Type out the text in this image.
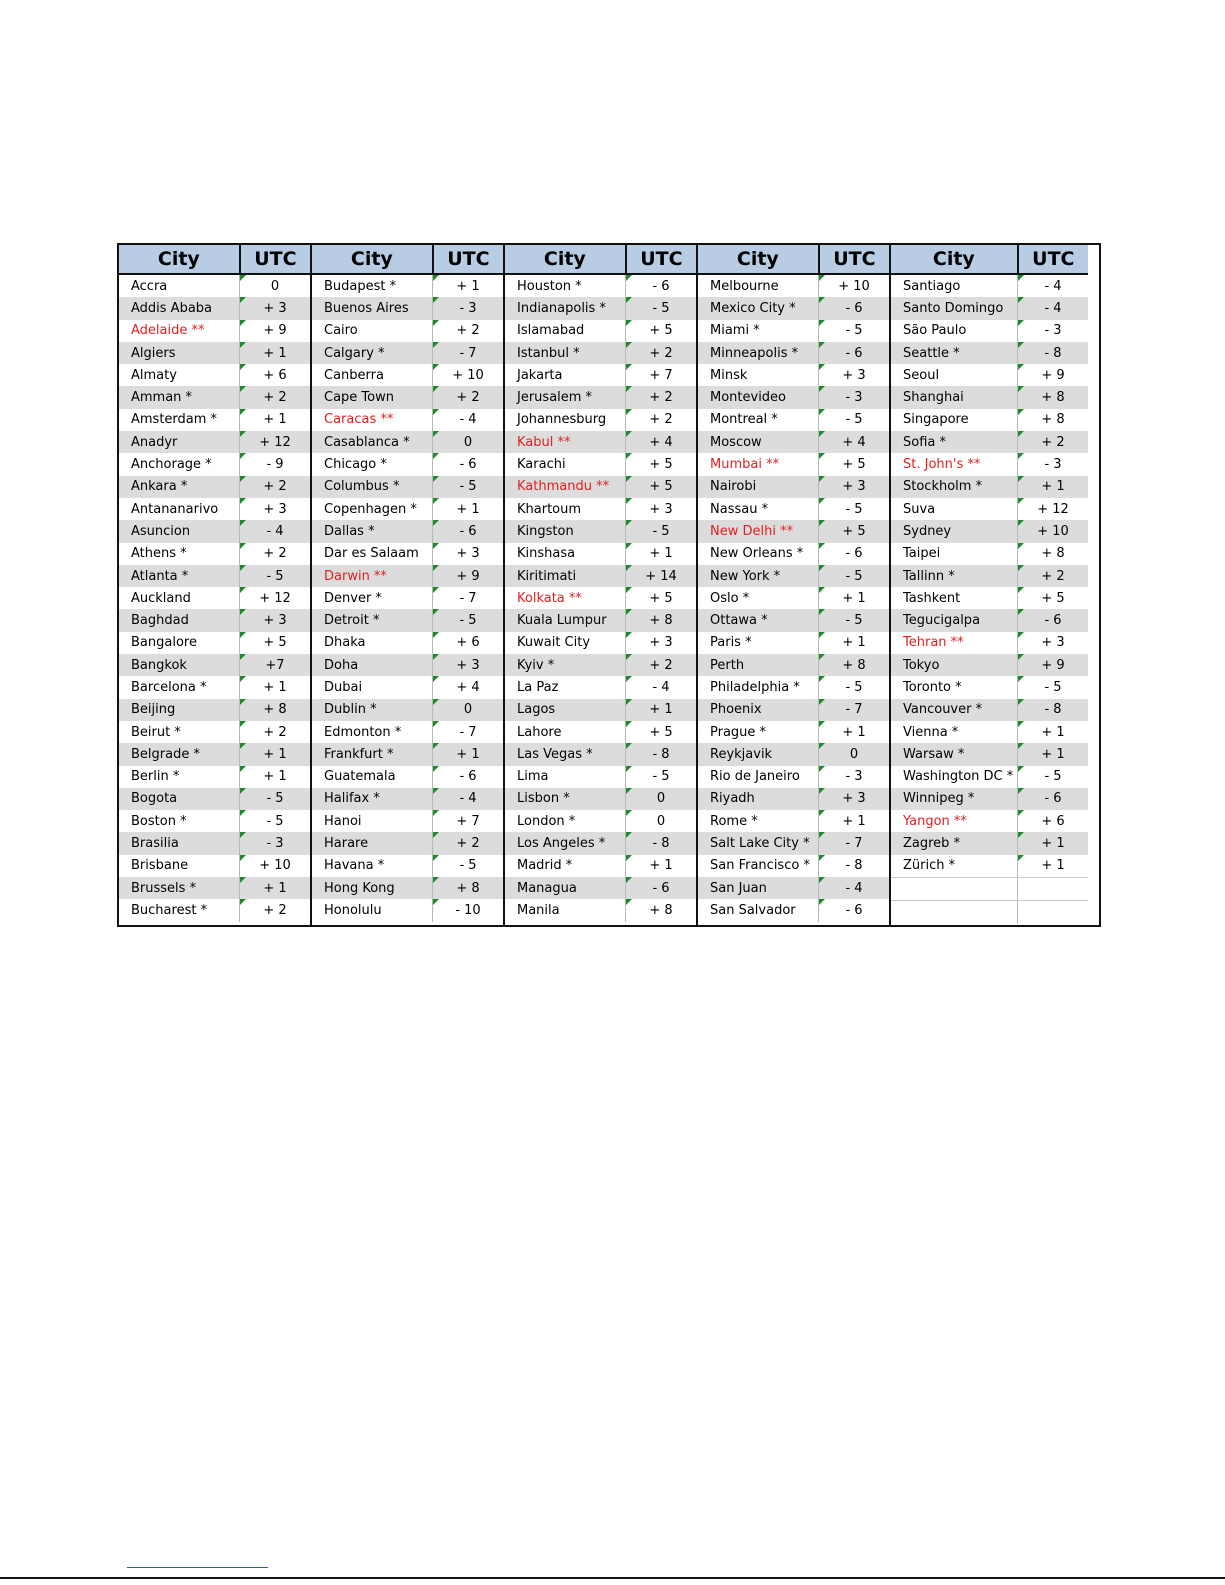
City	UTC
Accra	0
Addis Ababa	+ 3
Adelaide **	+ 9
Algiers	+ 1
Almaty	+ 6
Amman *	+ 2
Amsterdam *	+ 1
Anadyr	+ 12
Anchorage *	- 9
Ankara *	+ 2
Antananarivo	+ 3
Asuncion	- 4
Athens *	+ 2
Atlanta *	- 5
Auckland	+ 12
Baghdad	+ 3
Bangalore	+ 5
Bangkok	+7
Barcelona *	+ 1
Beijing	+ 8
Beirut *	+ 2
Belgrade *	+ 1
Berlin *	+ 1
Bogota	- 5
Boston *	- 5
Brasilia	- 3
Brisbane	+ 10
Brussels *	+ 1
Bucharest *	+ 2
City	UTC
Budapest *	+ 1
Buenos Aires	- 3
Cairo	+ 2
Calgary *	- 7
Canberra	+ 10
Cape Town	+ 2
Caracas **	- 4
Casablanca *	0
Chicago *	- 6
Columbus *	- 5
Copenhagen *	+ 1
Dallas *	- 6
Dar es Salaam	+ 3
Darwin **	+ 9
Denver *	- 7
Detroit *	- 5
Dhaka	+ 6
Doha	+ 3
Dubai	+ 4
Dublin *	0
Edmonton *	- 7
Frankfurt *	+ 1
Guatemala	- 6
Halifax *	- 4
Hanoi	+ 7
Harare	+ 2
Havana *	- 5
Hong Kong	+ 8
Honolulu	- 10
City	UTC
Houston *	- 6
Indianapolis *	- 5
Islamabad	+ 5
Istanbul *	+ 2
Jakarta	+ 7
Jerusalem *	+ 2
Johannesburg	+ 2
Kabul **	+ 4
Karachi	+ 5
Kathmandu **	+ 5
Khartoum	+ 3
Kingston	- 5
Kinshasa	+ 1
Kiritimati	+ 14
Kolkata **	+ 5
Kuala Lumpur	+ 8
Kuwait City	+ 3
Kyiv *	+ 2
La Paz	- 4
Lagos	+ 1
Lahore	+ 5
Las Vegas *	- 8
Lima	- 5
Lisbon *	0
London *	0
Los Angeles *	- 8
Madrid *	+ 1
Managua	- 6
Manila	+ 8
City	UTC
Melbourne	+ 10
Mexico City *	- 6
Miami *	- 5
Minneapolis *	- 6
Minsk	+ 3
Montevideo	- 3
Montreal *	- 5
Moscow	+ 4
Mumbai **	+ 5
Nairobi	+ 3
Nassau *	- 5
New Delhi **	+ 5
New Orleans *	- 6
New York *	- 5
Oslo *	+ 1
Ottawa *	- 5
Paris *	+ 1
Perth	+ 8
Philadelphia *	- 5
Phoenix	- 7
Prague *	+ 1
Reykjavik	0
Rio de Janeiro	- 3
Riyadh	+ 3
Rome *	+ 1
Salt Lake City *	- 7
San Francisco *	- 8
San Juan	- 4
San Salvador	- 6
City	UTC
Santiago	- 4
Santo Domingo	- 4
São Paulo	- 3
Seattle *	- 8
Seoul	+ 9
Shanghai	+ 8
Singapore	+ 8
Sofia *	+ 2
St. John's **	- 3
Stockholm *	+ 1
Suva	+ 12
Sydney	+ 10
Taipei	+ 8
Tallinn *	+ 2
Tashkent	+ 5
Tegucigalpa	- 6
Tehran **	+ 3
Tokyo	+ 9
Toronto *	- 5
Vancouver *	- 8
Vienna *	+ 1
Warsaw *	+ 1
Washington DC *	- 5
Winnipeg *	- 6
Yangon **	+ 6
Zagreb *	+ 1
Zürich *	+ 1
